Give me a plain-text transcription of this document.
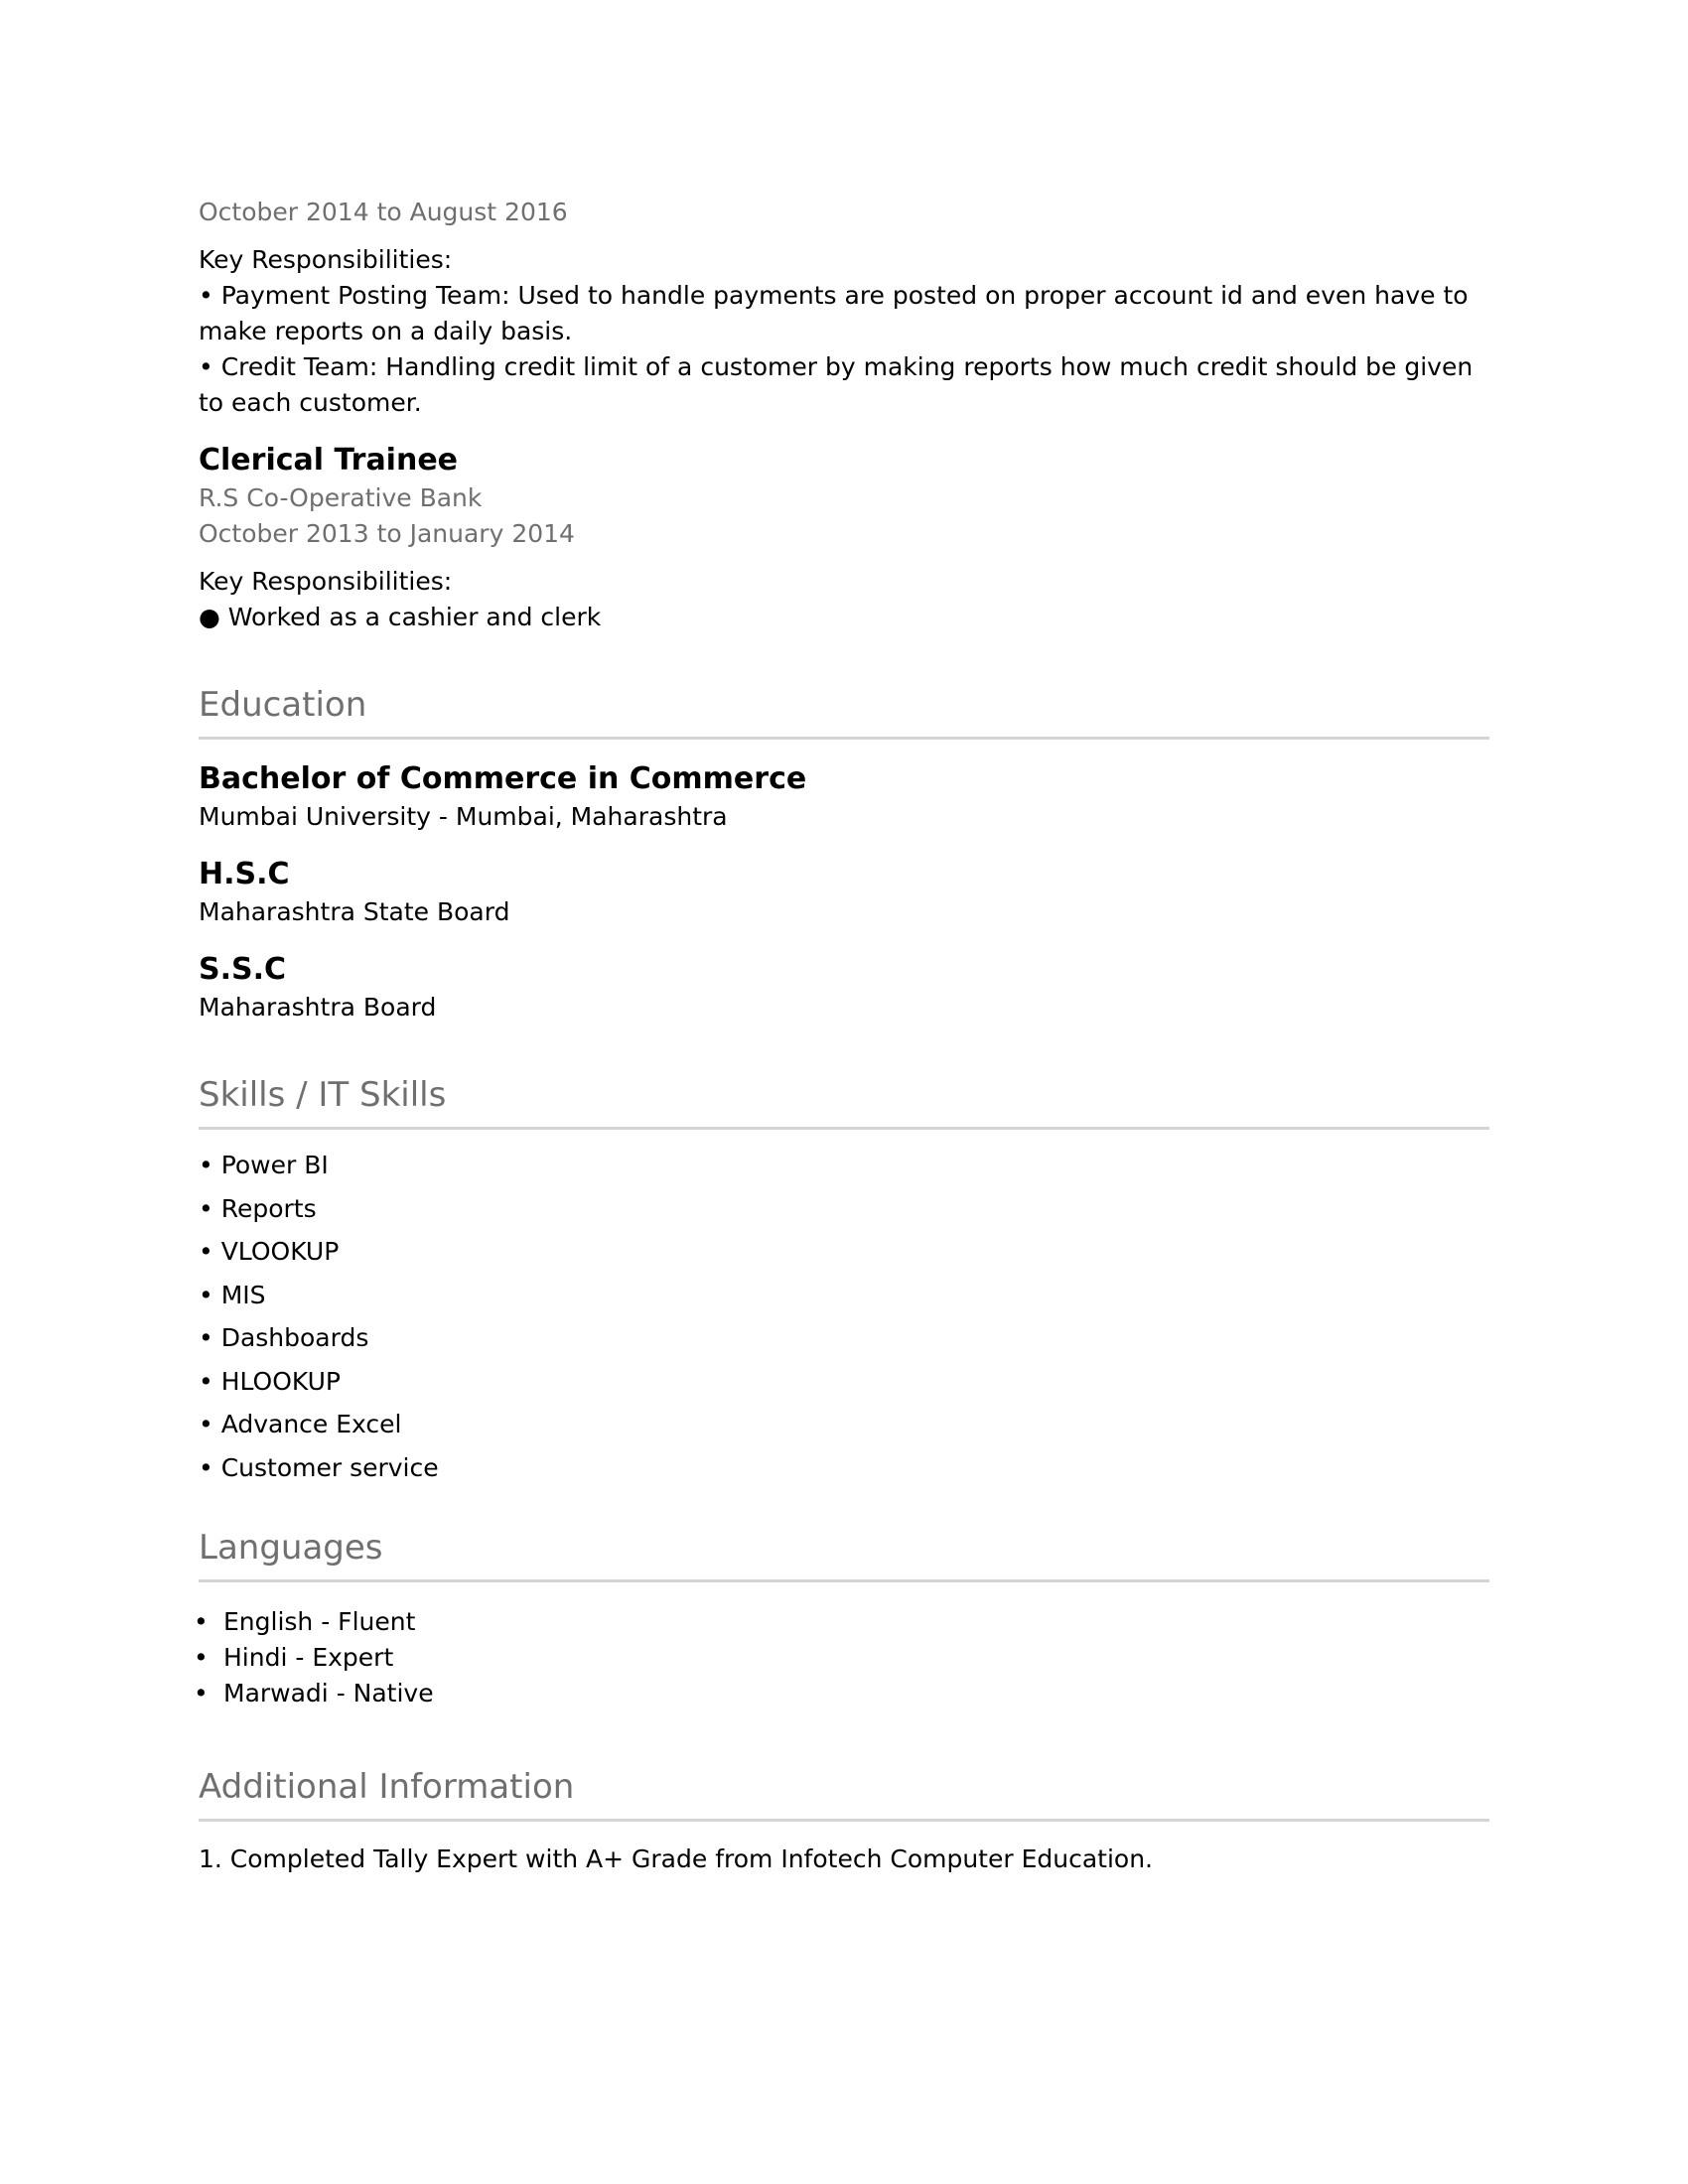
October 2014 to August 2016
Key Responsibilities:
• Payment Posting Team: Used to handle payments are posted on proper account id and even have to make reports on a daily basis.
• Credit Team: Handling credit limit of a customer by making reports how much credit should be given to each customer.
Clerical Trainee
R.S Co-Operative Bank
October 2013 to January 2014
Key Responsibilities:
● Worked as a cashier and clerk
Education
Bachelor of Commerce in Commerce
Mumbai University - Mumbai, Maharashtra
H.S.C
Maharashtra State Board
S.S.C
Maharashtra Board
Skills / IT Skills
• Power BI
• Reports
• VLOOKUP
• MIS
• Dashboards
• HLOOKUP
• Advance Excel
• Customer service
Languages
• English - Fluent
• Hindi - Expert
• Marwadi - Native
Additional Information
1. Completed Tally Expert with A+ Grade from Infotech Computer Education.
